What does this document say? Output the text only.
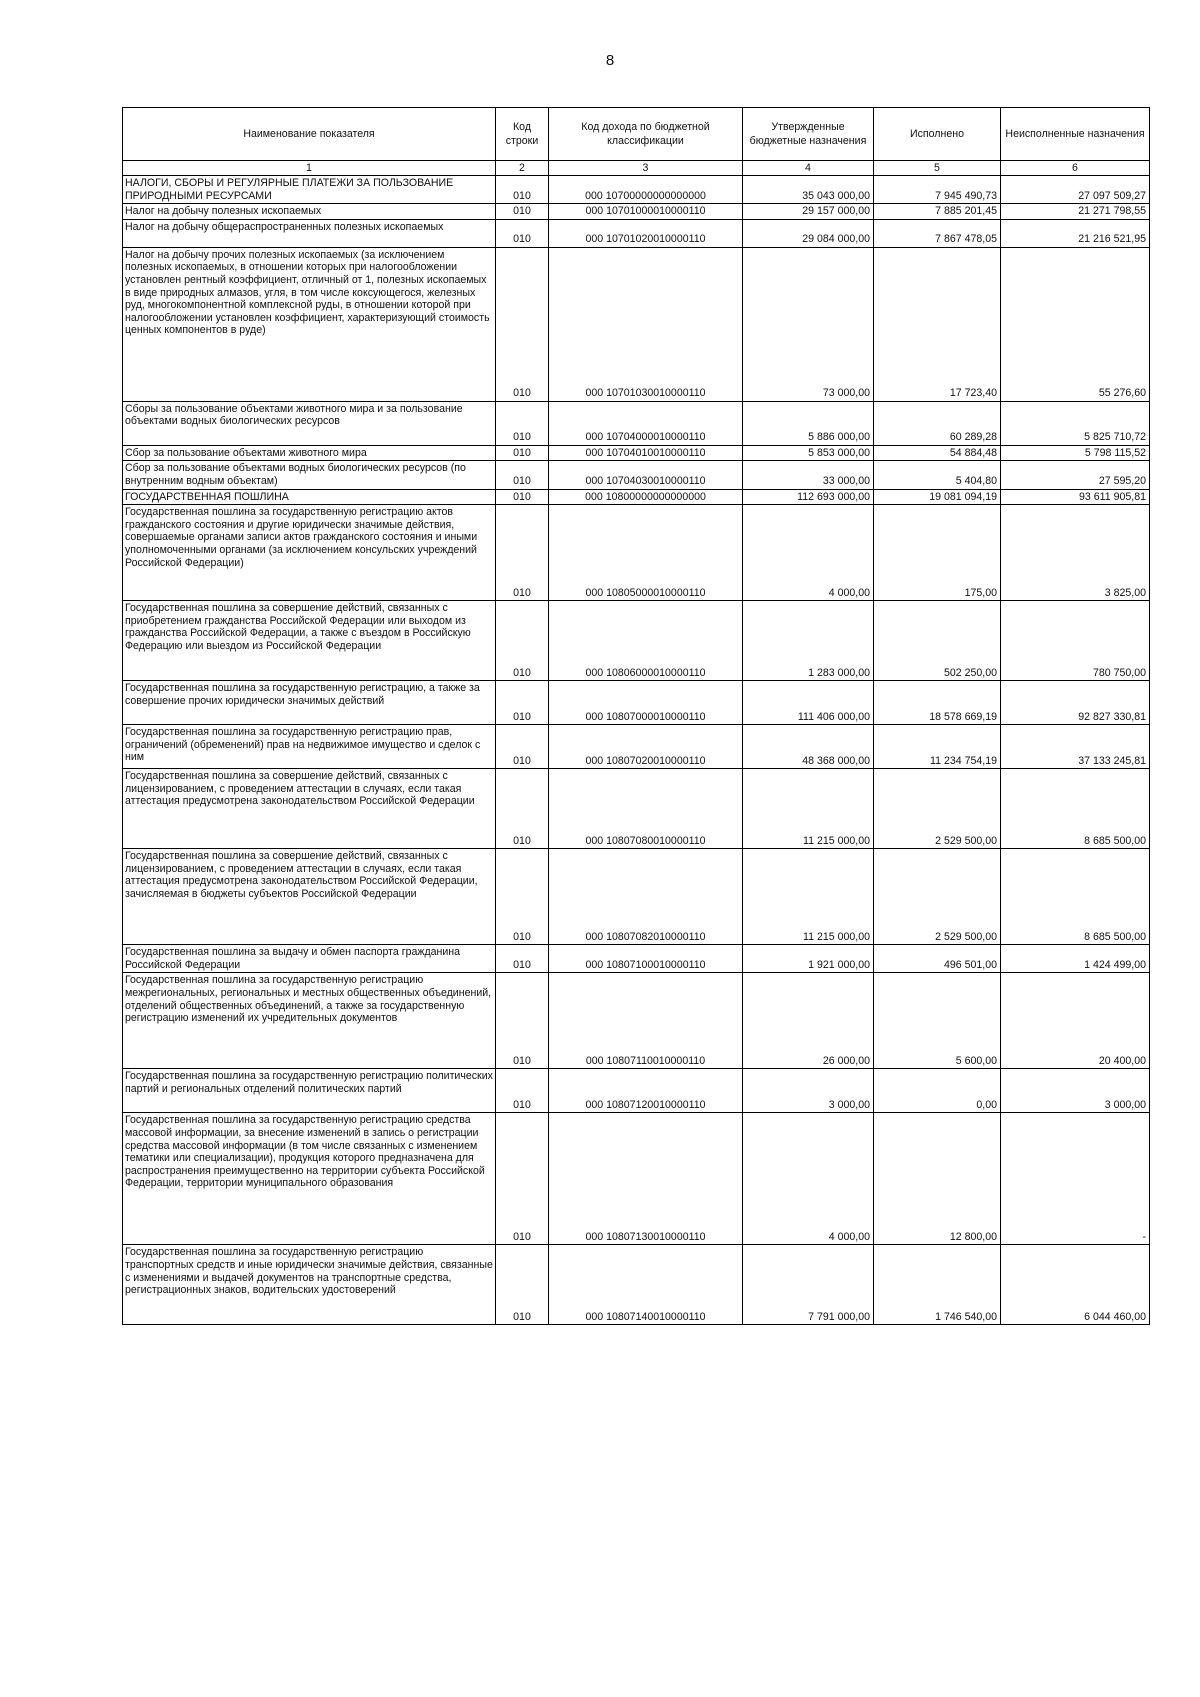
8
Наименование показателя	Код строки	Код дохода по бюджетной классификации	Утвержденные бюджетные назначения	Исполнено	Неисполненные назначения
1	2	3	4	5	6
НАЛОГИ, СБОРЫ И РЕГУЛЯРНЫЕ ПЛАТЕЖИ ЗА ПОЛЬЗОВАНИЕ ПРИРОДНЫМИ РЕСУРСАМИ	010	000 10700000000000000	35 043 000,00	7 945 490,73	27 097 509,27
Налог на добычу полезных ископаемых	010	000 10701000010000110	29 157 000,00	7 885 201,45	21 271 798,55
Налог на добычу общераспространенных полезных ископаемых	010	000 10701020010000110	29 084 000,00	7 867 478,05	21 216 521,95
Налог на добычу прочих полезных ископаемых (за исключением полезных ископаемых, в отношении которых при налогообложении установлен рентный коэффициент, отличный от 1, полезных ископаемых в виде природных алмазов, угля, в том числе коксующегося, железных руд, многокомпонентной комплексной руды, в отношении которой при налогообложении установлен коэффициент, характеризующий стоимость ценных компонентов в руде)	010	000 10701030010000110	73 000,00	17 723,40	55 276,60
Сборы за пользование объектами животного мира и за пользование объектами водных биологических ресурсов	010	000 10704000010000110	5 886 000,00	60 289,28	5 825 710,72
Сбор за пользование объектами животного мира	010	000 10704010010000110	5 853 000,00	54 884,48	5 798 115,52
Сбор за пользование объектами водных биологических ресурсов (по внутренним водным объектам)	010	000 10704030010000110	33 000,00	5 404,80	27 595,20
ГОСУДАРСТВЕННАЯ ПОШЛИНА	010	000 10800000000000000	112 693 000,00	19 081 094,19	93 611 905,81
Государственная пошлина за государственную регистрацию актов гражданского состояния и другие юридически значимые действия, совершаемые органами записи актов гражданского состояния и иными уполномоченными органами (за исключением консульских учреждений Российской Федерации)	010	000 10805000010000110	4 000,00	175,00	3 825,00
Государственная пошлина за совершение действий, связанных с приобретением гражданства Российской Федерации или выходом из гражданства Российской Федерации, а также с въездом в Российскую Федерацию или выездом из Российской Федерации	010	000 10806000010000110	1 283 000,00	502 250,00	780 750,00
Государственная пошлина за государственную регистрацию, а также за совершение прочих юридически значимых действий	010	000 10807000010000110	111 406 000,00	18 578 669,19	92 827 330,81
Государственная пошлина за государственную регистрацию прав, ограничений (обременений) прав на недвижимое имущество и сделок с ним	010	000 10807020010000110	48 368 000,00	11 234 754,19	37 133 245,81
Государственная пошлина за совершение действий, связанных с лицензированием, с проведением аттестации в случаях, если такая аттестация предусмотрена законодательством Российской Федерации	010	000 10807080010000110	11 215 000,00	2 529 500,00	8 685 500,00
Государственная пошлина за совершение действий, связанных с лицензированием, с проведением аттестации в случаях, если такая аттестация предусмотрена законодательством Российской Федерации, зачисляемая в бюджеты субъектов Российской Федерации	010	000 10807082010000110	11 215 000,00	2 529 500,00	8 685 500,00
Государственная пошлина за выдачу и обмен паспорта гражданина Российской Федерации	010	000 10807100010000110	1 921 000,00	496 501,00	1 424 499,00
Государственная пошлина за государственную регистрацию межрегиональных, региональных и местных общественных объединений, отделений общественных объединений, а также за государственную регистрацию изменений их учредительных документов	010	000 10807110010000110	26 000,00	5 600,00	20 400,00
Государственная пошлина за государственную регистрацию политических партий и региональных отделений политических партий	010	000 10807120010000110	3 000,00	0,00	3 000,00
Государственная пошлина за государственную регистрацию средства массовой информации, за внесение изменений в запись о регистрации средства массовой информации (в том числе связанных с изменением тематики или специализации), продукция которого предназначена для распространения преимущественно на территории субъекта Российской Федерации, территории муниципального образования	010	000 10807130010000110	4 000,00	12 800,00	-
Государственная пошлина за государственную регистрацию транспортных средств и иные юридически значимые действия, связанные с изменениями и выдачей документов на транспортные средства, регистрационных знаков, водительских удостоверений	010	000 10807140010000110	7 791 000,00	1 746 540,00	6 044 460,00
